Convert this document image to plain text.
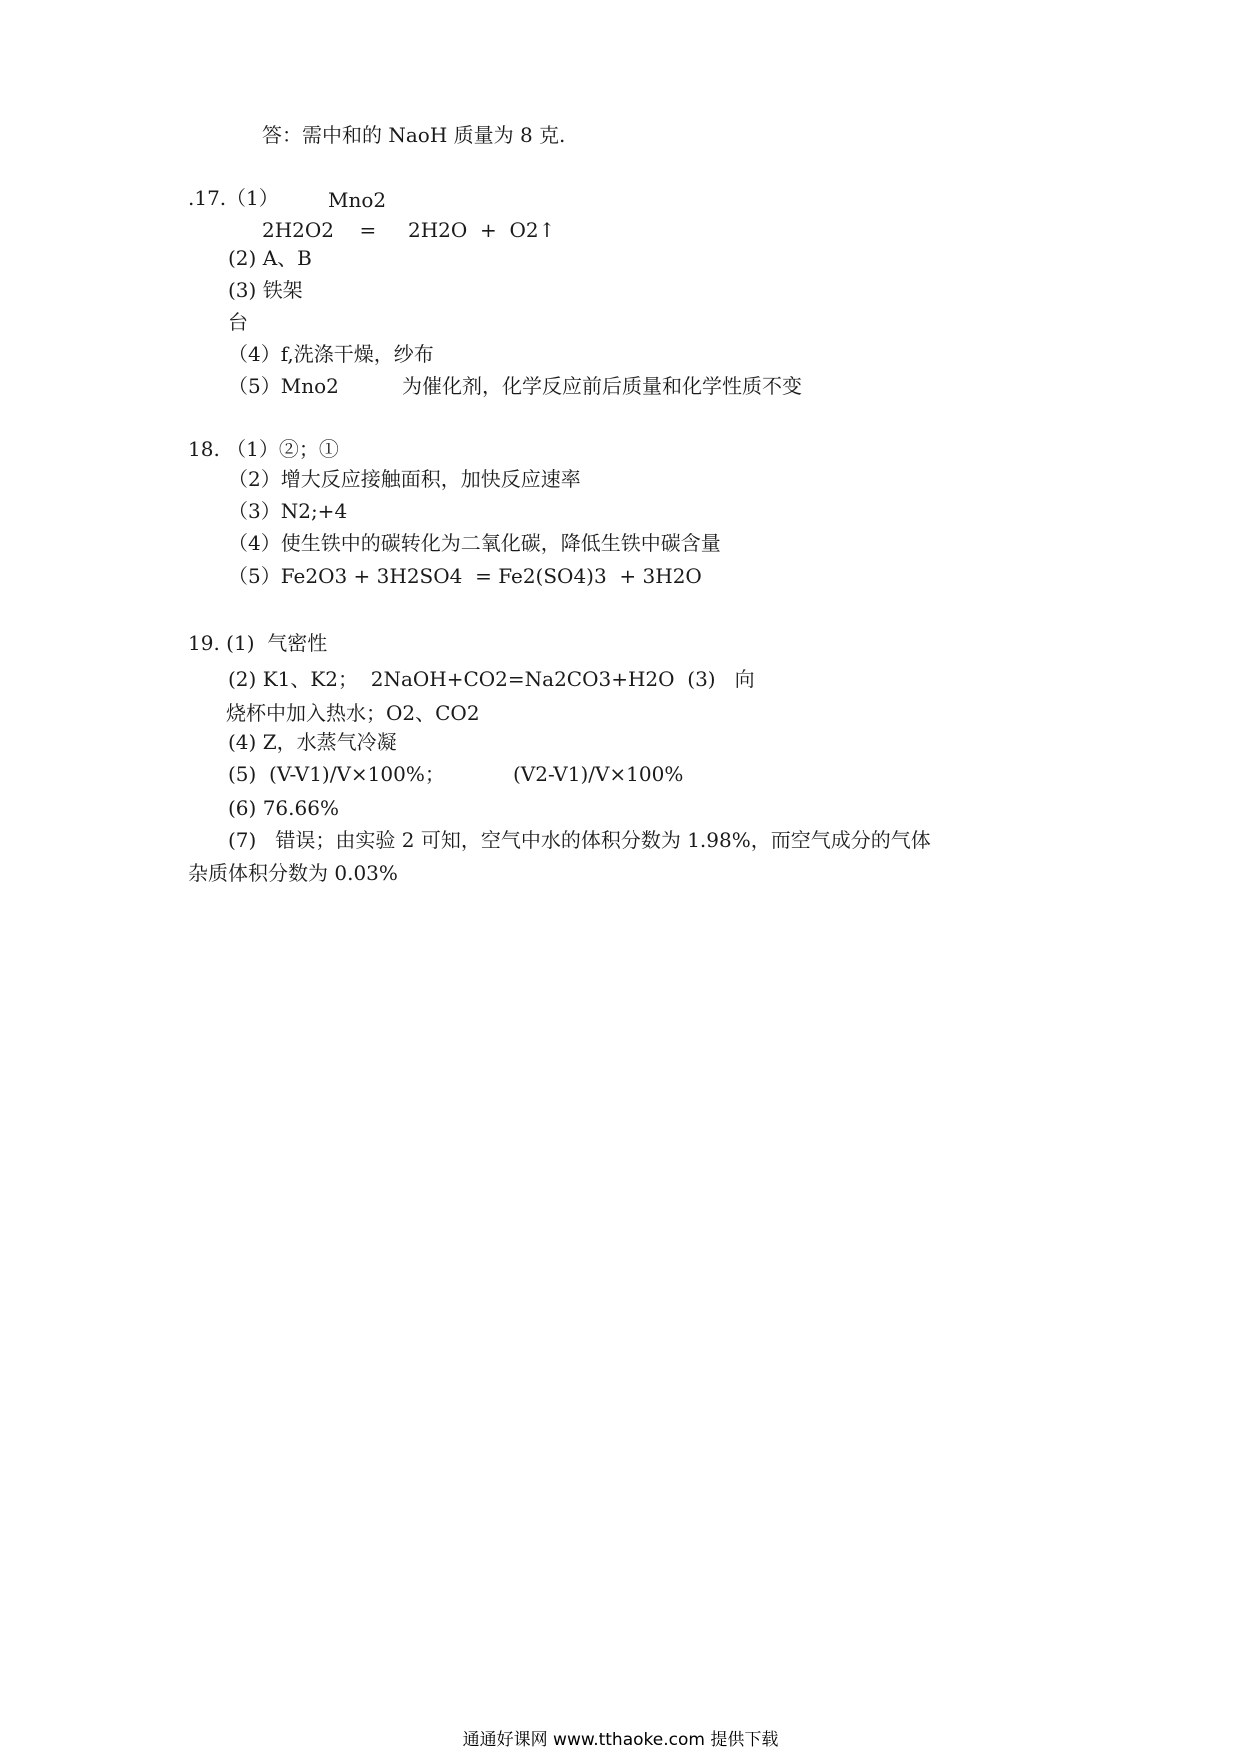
答：需中和的 NaoH 质量为 8 克.
.17. （1） Mno2
2H2O2    =     2H2O  +  O2↑
(2) A、B
(3) 铁架
台
（4）f,洗涤干燥，纱布
（5）Mno2	为催化剂，化学反应前后质量和化学性质不变
18. （1）②；①
（2）增大反应接触面积，加快反应速率
（3）N2;+4
（4）使生铁中的碳转化为二氧化碳，降低生铁中碳含量
（5）Fe2O3 + 3H2SO4  = Fe2(SO4)3  + 3H2O
19. (1)  气密性
(2) K1、K2；  2NaOH+CO2=Na2CO3+H2O  (3)   向
烧杯中加入热水；O2、CO2
(4) Z，水蒸气冷凝
(5)  (V-V1)/V×100%；	(V2-V1)/V×100%
(6) 76.66%
(7)   错误；由实验 2 可知，空气中水的体积分数为 1.98%，而空气成分的气体
杂质体积分数为 0.03%
通通好课网 www.tthaoke.com 提供下载
